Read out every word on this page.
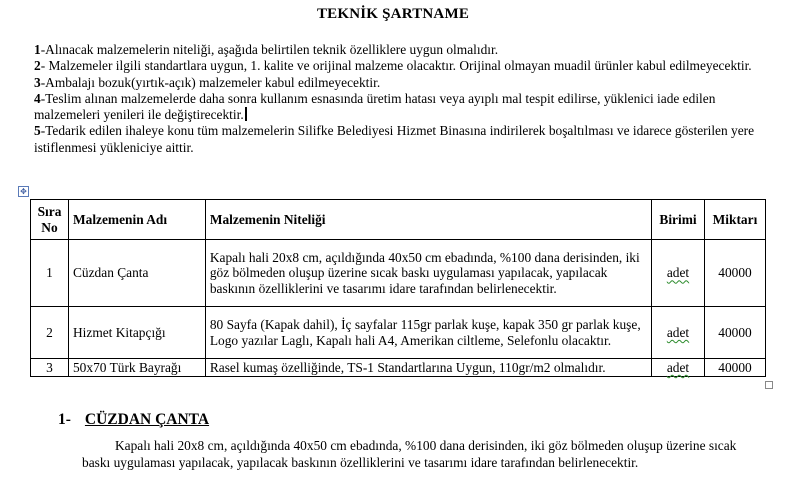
TEKNİK ŞARTNAME

1-Alınacak malzemelerin niteliği, aşağıda belirtilen teknik özelliklere uygun olmalıdır.

2- Malzemeler ilgili standartlara uygun, 1. kalite ve orijinal malzeme olacaktır. Orijinal olmayan muadil ürünler kabul edilmeyecektir.

3-Ambalajı bozuk(yırtık-açık) malzemeler kabul edilmeyecektir.

4-Teslim alınan malzemelerde daha sonra kullanım esnasında üretim hatası veya ayıplı mal tespit edilirse, yüklenici iade edilen malzemeleri yenileri ile değiştirecektir.

5-Tedarik edilen ihaleye konu tüm malzemelerin Silifke Belediyesi Hizmet Binasına indirilerek boşaltılması ve idarece gösterilen yere istiflenmesi yükleniciye aittir.

✥
Sıra No	Malzemenin Adı	Malzemenin Niteliği	Birimi	Miktarı
1	Cüzdan Çanta	Kapalı hali 20x8 cm, açıldığında 40x50 cm ebadında, %100 dana derisinden, iki göz bölmeden oluşup üzerine sıcak baskı uygulaması yapılacak, yapılacak baskının özelliklerini ve tasarımı idare tarafından belirlenecektir.	adet	40000
2	Hizmet Kitapçığı	80 Sayfa (Kapak dahil), İç sayfalar 115gr parlak kuşe, kapak 350 gr parlak kuşe, Logo yazılar Laglı, Kapalı hali A4, Amerikan ciltleme, Selefonlu olacaktır.	adet	40000
3	50x70 Türk Bayrağı	Rasel kumaş özelliğinde, TS-1 Standartlarına Uygun, 110gr/m2 olmalıdır.	adet	40000
1- CÜZDAN ÇANTA
Kapalı hali 20x8 cm, açıldığında 40x50 cm ebadında, %100 dana derisinden, iki göz bölmeden oluşup üzerine sıcak baskı uygulaması yapılacak, yapılacak baskının özelliklerini ve tasarımı idare tarafından belirlenecektir.
